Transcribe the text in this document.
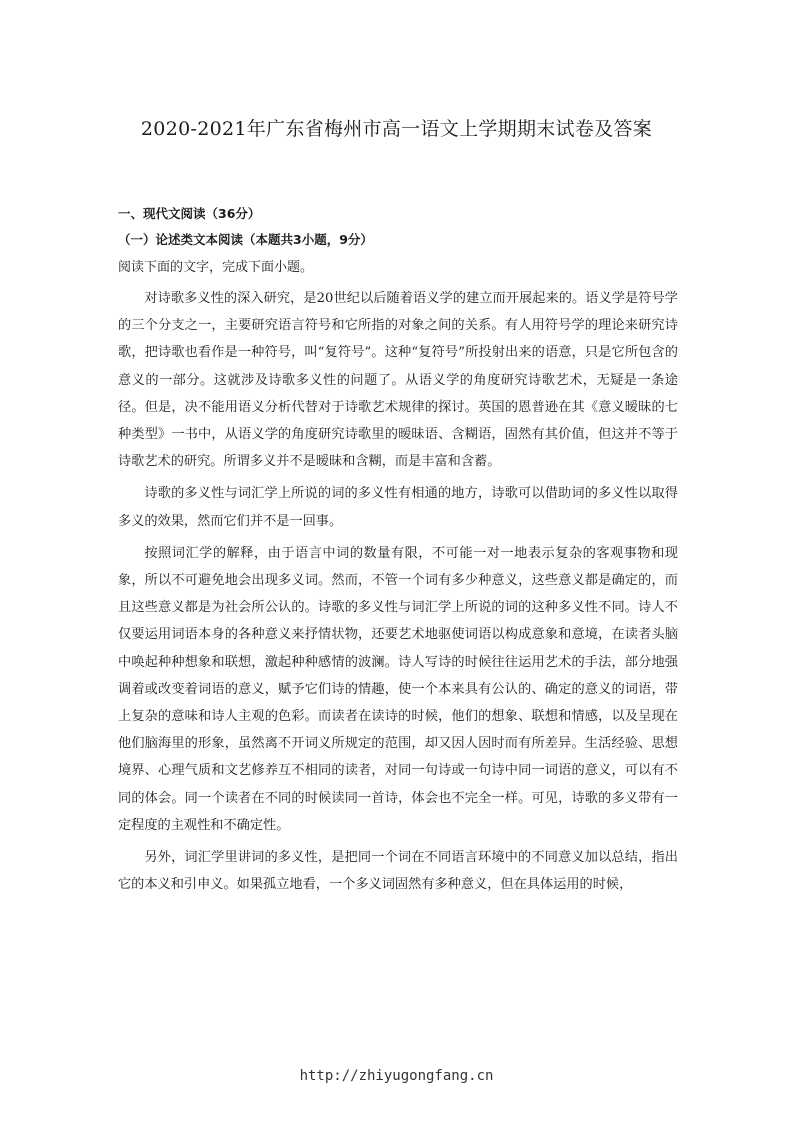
2020-2021年广东省梅州市高一语文上学期期末试卷及答案
一、现代文阅读（36分）
（一）论述类文本阅读（本题共3小题，9分）
阅读下面的文字，完成下面小题。

对诗歌多义性的深入研究，是20世纪以后随着语义学的建立而开展起来的。语义学是符号学的三个分支之一，主要研究语言符号和它所指的对象之间的关系。有人用符号学的理论来研究诗歌，把诗歌也看作是一种符号，叫“复符号”。这种“复符号”所投射出来的语意，只是它所包含的意义的一部分。这就涉及诗歌多义性的问题了。从语义学的角度研究诗歌艺术，无疑是一条途径。但是，决不能用语义分析代替对于诗歌艺术规律的探讨。英国的恩普逊在其《意义暧昧的七种类型》一书中，从语义学的角度研究诗歌里的暧昧语、含糊语，固然有其价值，但这并不等于诗歌艺术的研究。所谓多义并不是暧昧和含糊，而是丰富和含蓄。

诗歌的多义性与词汇学上所说的词的多义性有相通的地方，诗歌可以借助词的多义性以取得多义的效果，然而它们并不是一回事。

按照词汇学的解释，由于语言中词的数量有限，不可能一对一地表示复杂的客观事物和现象，所以不可避免地会出现多义词。然而，不管一个词有多少种意义，这些意义都是确定的，而且这些意义都是为社会所公认的。诗歌的多义性与词汇学上所说的词的这种多义性不同。诗人不仅要运用词语本身的各种意义来抒情状物，还要艺术地驱使词语以构成意象和意境，在读者头脑中唤起种种想象和联想，激起种种感情的波澜。诗人写诗的时候往往运用艺术的手法，部分地强调着或改变着词语的意义，赋予它们诗的情趣，使一个本来具有公认的、确定的意义的词语，带上复杂的意味和诗人主观的色彩。而读者在读诗的时候，他们的想象、联想和情感，以及呈现在他们脑海里的形象，虽然离不开词义所规定的范围，却又因人因时而有所差异。生活经验、思想境界、心理气质和文艺修养互不相同的读者，对同一句诗或一句诗中同一词语的意义，可以有不同的体会。同一个读者在不同的时候读同一首诗，体会也不完全一样。可见，诗歌的多义带有一定程度的主观性和不确定性。

另外，词汇学里讲词的多义性，是把同一个词在不同语言环境中的不同意义加以总结，指出它的本义和引申义。如果孤立地看，一个多义词固然有多种意义，但在具体运用的时候，

http://zhiyugongfang.cn
